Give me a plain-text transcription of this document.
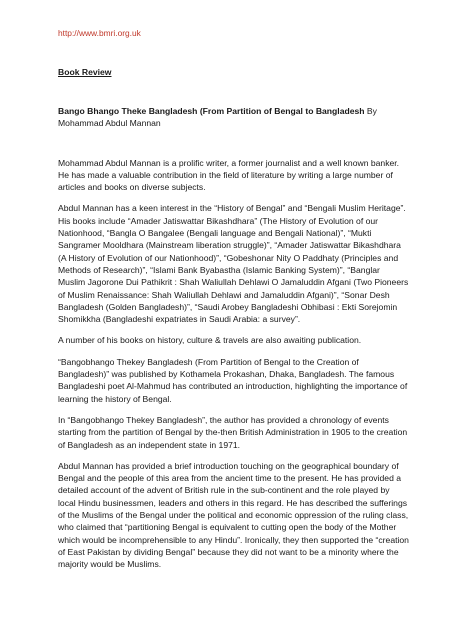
http://www.bmri.org.uk
Book Review
Bango Bhango Theke Bangladesh (From Partition of Bengal to Bangladesh By Mohammad Abdul Mannan

Mohammad Abdul Mannan is a prolific writer, a former journalist and a well known banker. He has made a valuable contribution in the field of literature by writing a large number of articles and books on diverse subjects.

Abdul Mannan has a keen interest in the “History of Bengal” and “Bengali Muslim Heritage”. His books include “Amader Jatiswattar Bikashdhara” (The History of Evolution of our Nationhood, “Bangla O Bangalee (Bengali language and Bengali National)”, “Mukti Sangramer Mooldhara (Mainstream liberation struggle)”, “Amader Jatiswattar Bikashdhara (A History of Evolution of our Nationhood)”, “Gobeshonar Nity O Paddhaty (Principles and Methods of Research)”, “Islami Bank Byabastha (Islamic Banking System)”, “Banglar Muslim Jagorone Dui Pathikrit : Shah Waliullah Dehlawi O Jamaluddin Afgani (Two Pioneers of Muslim Renaissance: Shah Waliullah Dehlawi and Jamaluddin Afgani)”, “Sonar Desh Bangladesh (Golden Bangladesh)”, “Saudi Arobey Bangladeshi Obhibasi : Ekti Sorejomin Shomikkha (Bangladeshi expatriates in Saudi Arabia: a survey”.

A number of his books on history, culture & travels are also awaiting publication.

“Bangobhango Thekey Bangladesh (From Partition of Bengal to the Creation of Bangladesh)” was published by Kothamela Prokashan, Dhaka, Bangladesh. The famous Bangladeshi poet Al-Mahmud has contributed an introduction, highlighting the importance of learning the history of Bengal.

In “Bangobhango Thekey Bangladesh”, the author has provided a chronology of events starting from the partition of Bengal by the-then British Administration in 1905 to the creation of Bangladesh as an independent state in 1971.

Abdul Mannan has provided a brief introduction touching on the geographical boundary of Bengal and the people of this area from the ancient time to the present. He has provided a detailed account of the advent of British rule in the sub-continent and the role played by local Hindu businessmen, leaders and others in this regard. He has described the sufferings of the Muslims of the Bengal under the political and economic oppression of the ruling class, who claimed that “partitioning Bengal is equivalent to cutting open the body of the Mother which would be incomprehensible to any Hindu”. Ironically, they then supported the “creation of East Pakistan by dividing Bengal” because they did not want to be a minority where the majority would be Muslims.
